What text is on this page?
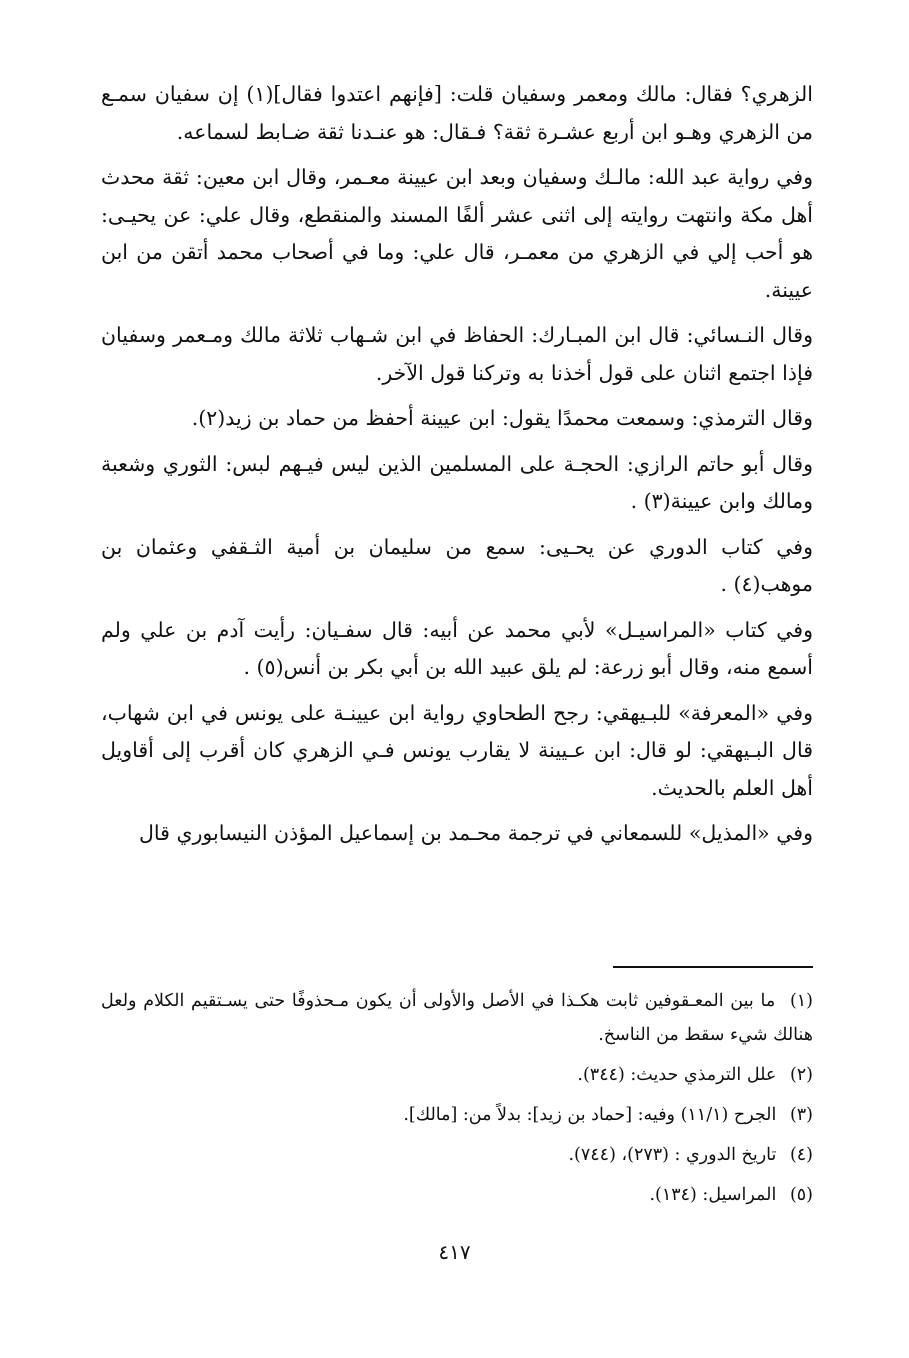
الزهري؟ فقال: مالك ومعمر وسفيان قلت: [فإنهم اعتدوا فقال](١) إن سفيان سمـع من الزهري وهـو ابن أربع عشـرة ثقة؟ فـقال: هو عنـدنا ثقة ضـابط لسماعه.

وفي رواية عبد الله: مالـك وسفيان وبعد ابن عيينة معـمر، وقال ابن معين: ثقة محدث أهل مكة وانتهت روايته إلى اثنى عشر ألفًا المسند والمنقطع، وقال علي: عن يحيـى: هو أحب إلي في الزهري من معمـر، قال علي: وما في أصحاب محمد أتقن من ابن عيينة.

وقال النـسائي: قال ابن المبـارك: الحفاظ في ابن شـهاب ثلاثة مالك ومـعمر وسفيان فإذا اجتمع اثنان على قول أخذنا به وتركنا قول الآخر.

وقال الترمذي: وسمعت محمدًا يقول: ابن عيينة أحفظ من حماد بن زيد(٢).

وقال أبو حاتم الرازي: الحجـة على المسلمين الذين ليس فيـهم لبس: الثوري وشعبة ومالك وابن عيينة(٣) .

وفي كتاب الدوري عن يحـيى: سمع من سليمان بن أمية الثـقفي وعثمان بن موهب(٤) .

وفي كتاب «المراسيـل» لأبي محمد عن أبيه: قال سفـيان: رأيت آدم بن علي ولم أسمع منه، وقال أبو زرعة: لم يلق عبيد الله بن أبي بكر بن أنس(٥) .

وفي «المعرفة» للبـيهقي: رجح الطحاوي رواية ابن عيينـة على يونس في ابن شهاب، قال البـيهقي: لو قال: ابن عـيينة لا يقارب يونس فـي الزهري كان أقرب إلى أقاويل أهل العلم بالحديث.

وفي «المذيل» للسمعاني في ترجمة محـمد بن إسماعيل المؤذن النيسابوري قال

(١) ما بين المعـقوفين ثابت هكـذا في الأصل والأولى أن يكون مـحذوفًا حتى يسـتقيم الكلام ولعل هنالك شيء سقط من الناسخ.

(٢) علل الترمذي حديث: (٣٤٤).

(٣) الجرح (١١/١) وفيه: [حماد بن زيد]: بدلاً من: [مالك].

(٤) تاريخ الدوري : (٢٧٣)، (٧٤٤).

(٥) المراسيل: (١٣٤).

٤١٧
